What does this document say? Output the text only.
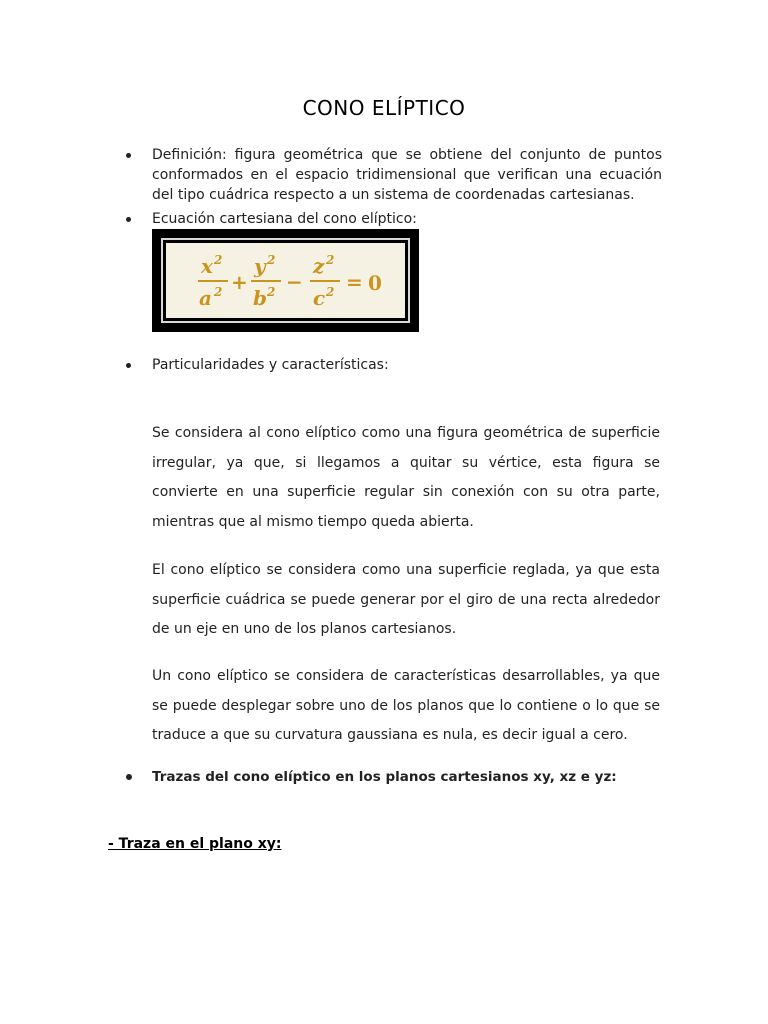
CONO ELÍPTICO
Definición: figura geométrica que se obtiene del conjunto de puntos conformados en el espacio tridimensional que verifican una ecuación del tipo cuádrica respecto a un sistema de coordenadas cartesianas.
Ecuación cartesiana del cono elíptico:
x 2
a 2 +
y 2
b 2 −
z 2
c 2 = 0
Particularidades y características:
Se considera al cono elíptico como una figura geométrica de superficie irregular, ya que, si llegamos a quitar su vértice, esta figura se convierte en una superficie regular sin conexión con su otra parte, mientras que al mismo tiempo queda abierta.
El cono elíptico se considera como una superficie reglada, ya que esta superficie cuádrica se puede generar por el giro de una recta alrededor de un eje en uno de los planos cartesianos.
Un cono elíptico se considera de características desarrollables, ya que se puede desplegar sobre uno de los planos que lo contiene o lo que se traduce a que su curvatura gaussiana es nula, es decir igual a cero.
Trazas del cono elíptico en los planos cartesianos xy, xz e yz:
- Traza en el plano xy:
